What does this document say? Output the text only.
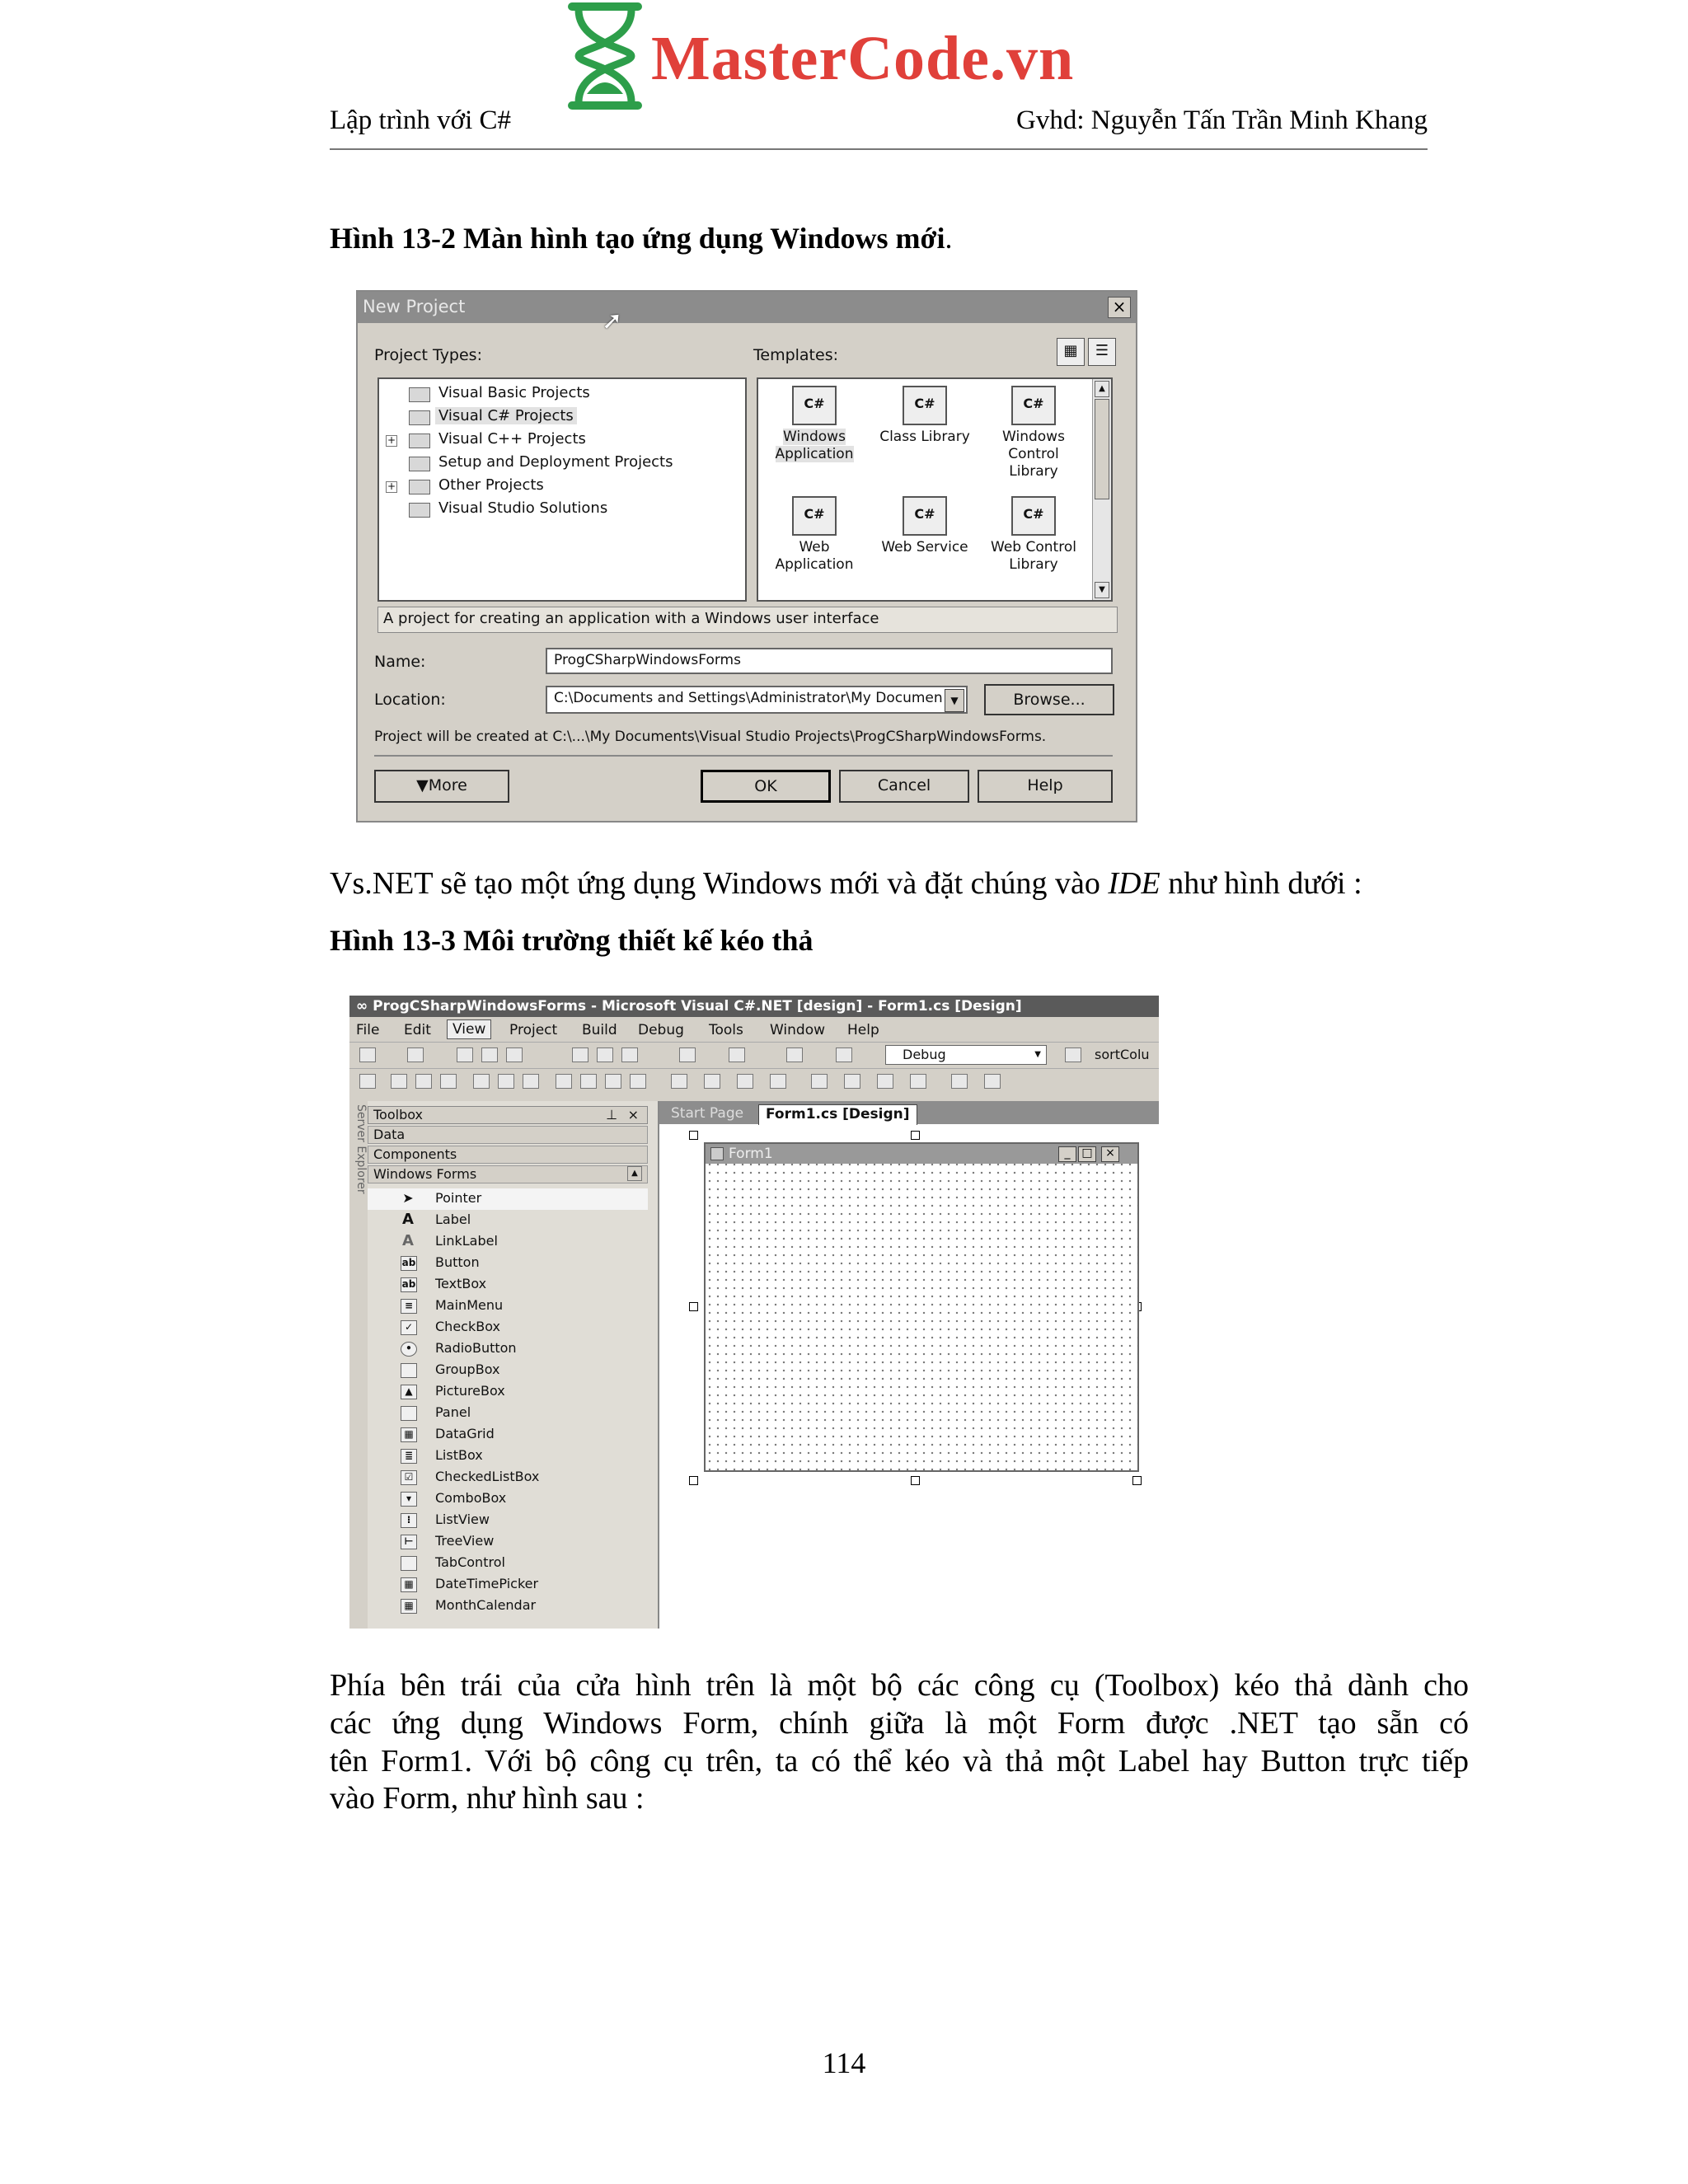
MasterCode.vn
Lập trình với C#	Gvhd: Nguyễn Tấn Trần Minh Khang
Hình 13-2 Màn hình tạo ứng dụng Windows mới.
New Project	×
➚
Project Types:	Templates:	▦	☰
Visual Basic Projects
Visual C# Projects
+	Visual C++ Projects
Setup and Deployment Projects
+	Other Projects
Visual Studio Solutions
C#
Windows
Application
C#
Class Library
C#
Windows
Control Library
C#
Web
Application
C#
Web Service
C#
Web Control
Library
▲
▼
A project for creating an application with a Windows user interface
Name:	ProgCSharpWindowsForms
Location:	C:\Documents and Settings\Administrator\My Documen ▼	Browse...
Project will be created at C:\...\My Documents\Visual Studio Projects\ProgCSharpWindowsForms.
▼More	OK	Cancel	Help
Vs.NET sẽ tạo một ứng dụng Windows mới và đặt chúng vào IDE như hình dưới :
Hình 13-3 Môi trường thiết kế kéo thả
∞ ProgCSharpWindowsForms - Microsoft Visual C#.NET [design] - Form1.cs [Design]
File Edit	View	Project Build Debug Tools Window Help
Debug	▼	sortColu
Server Explorer Toolbox	⊥ ×
Data
Components
Windows Forms	▲
➤ Pointer
A Label
A LinkLabel
ab Button
ab TextBox
≡	MainMenu
✓	CheckBox
•	RadioButton
GroupBox
▲	PictureBox
Panel
▦ DataGrid
≣	ListBox
☑ CheckedListBox
▾	ComboBox
⁝	ListView
⊢ TreeView
TabControl
▦ DateTimePicker
▦ MonthCalendar
Start Page	Form1.cs [Design]
Form1	_ □	×
Phía bên trái của cửa hình trên là một bộ các công cụ (Toolbox) kéo thả dành cho
các ứng dụng Windows Form, chính giữa là một Form được .NET tạo sẵn có
tên Form1. Với bộ công cụ trên, ta có thể kéo và thả một Label hay Button trực tiếp
vào Form, như hình sau :
114
